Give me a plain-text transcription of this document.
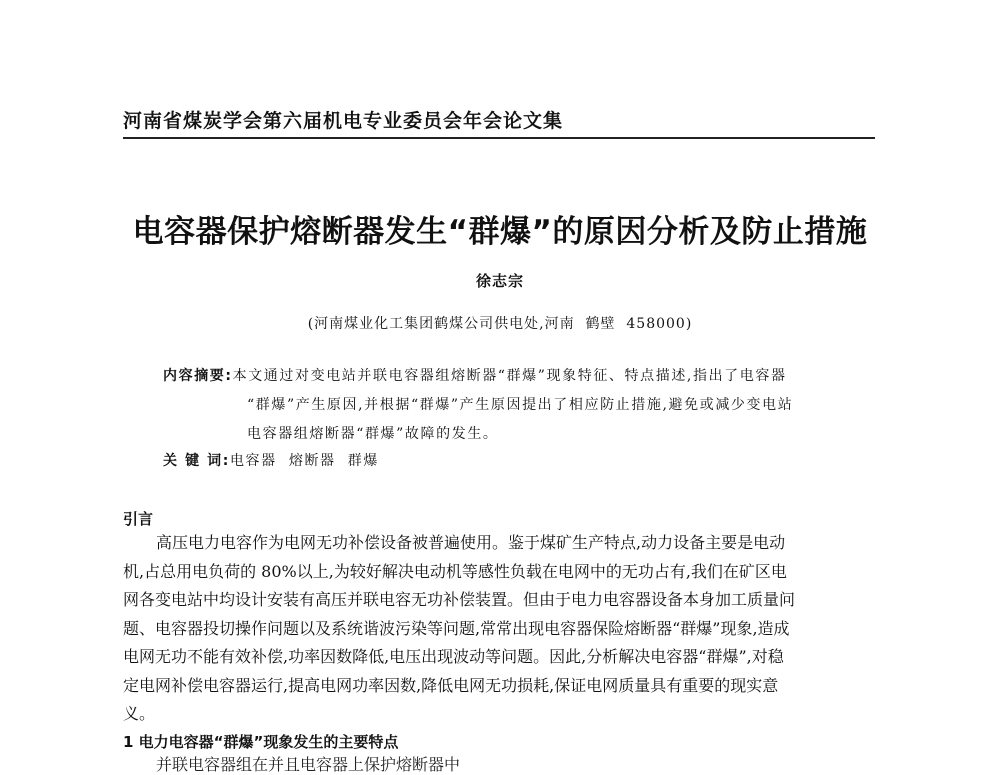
河南省煤炭学会第六届机电专业委员会年会论文集
电容器保护熔断器发生“群爆”的原因分析及防止措施
徐志宗
(河南煤业化工集团鹤煤公司供电处,河南  鹤壁  458000)
内容摘要:本文通过对变电站并联电容器组熔断器“群爆”现象特征、特点描述,指出了电容器
“群爆”产生原因,并根据“群爆”产生原因提出了相应防止措施,避免或减少变电站
电容器组熔断器“群爆”故障的发生。
关 键 词:电容器  熔断器  群爆
引言
高压电力电容作为电网无功补偿设备被普遍使用。鉴于煤矿生产特点,动力设备主要是电动
机,占总用电负荷的 80%以上,为较好解决电动机等感性负载在电网中的无功占有,我们在矿区电
网各变电站中均设计安装有高压并联电容无功补偿装置。但由于电力电容器设备本身加工质量问
题、电容器投切操作问题以及系统谐波污染等问题,常常出现电容器保险熔断器“群爆”现象,造成
电网无功不能有效补偿,功率因数降低,电压出现波动等问题。因此,分析解决电容器“群爆”,对稳
定电网补偿电容器运行,提高电网功率因数,降低电网无功损耗,保证电网质量具有重要的现实意
义。
1 电力电容器“群爆”现象发生的主要特点
并联电容器组在并且电容器上保护熔断器中
